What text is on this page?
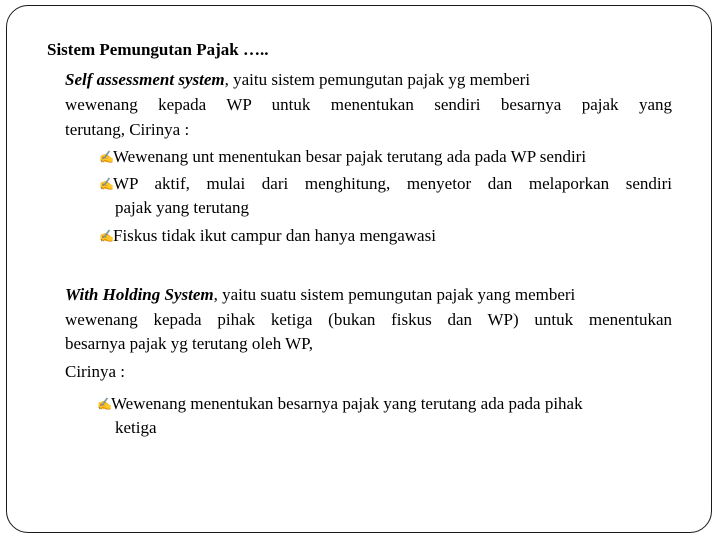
Sistem Pemungutan Pajak …..
Self assessment system, yaitu sistem pemungutan pajak yg memberi
wewenang kepada WP untuk menentukan sendiri besarnya pajak yang
terutang, Cirinya :
✍Wewenang unt menentukan besar pajak terutang ada pada WP sendiri
✍WP aktif, mulai dari menghitung, menyetor dan melaporkan sendiri
pajak yang terutang
✍Fiskus tidak ikut campur dan hanya mengawasi
With Holding System, yaitu suatu sistem pemungutan pajak yang memberi
wewenang kepada pihak ketiga (bukan fiskus dan WP) untuk menentukan
besarnya pajak yg terutang oleh WP,
Cirinya :
✍Wewenang menentukan besarnya pajak yang terutang ada pada pihak
ketiga
